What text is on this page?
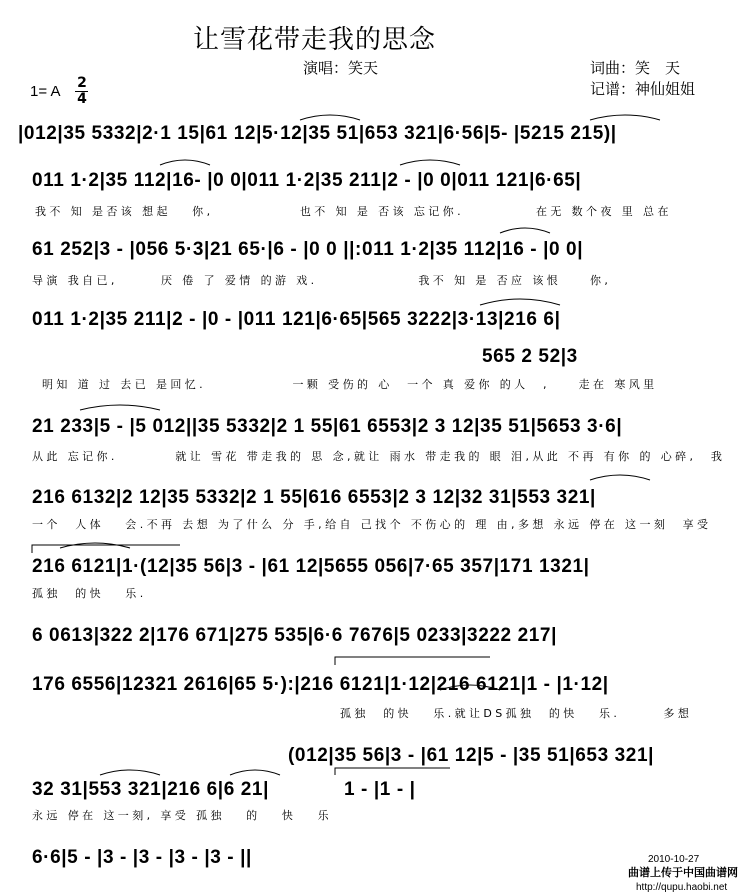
让雪花带走我的思念
演唱：笑天	词曲：笑　天
记谱：神仙姐姐
1= A 2
4
|012|35 5332|2·1 15|61 12|5·12|35 51|653 321|6·56|5- |5215 215)|
011 1·2|35 112|16- |0 0|011 1·2|35 211|2 - |0 0|011 121|6·65|
我不 知 是否该 想起　 你,　　　　　　也不 知 是 否该 忘记你.　　　　　在无 数个夜 里 总在
61 252|3 - |056 5·3|21 65·|6 - |0 0 ||:011 1·2|35 112|16 - |0 0|
导演 我自已,　　　厌 倦 了 爱情 的游 戏.　　　　　　　我不 知 是 否应 该恨　　你,
011 1·2|35 211|2 - |0 - |011 121|6·65|565 3222|3·13|216 6|
565 2 52|3
明知 道 过 去已 是回忆.　　　　　　一颗 受伤的 心　一个 真 爱你 的人　,　　走在 寒风里
21 233|5 - |5 012||35 5332|2 1 55|61 6553|2 3 12|35 51|5653 3·6|
从此 忘记你.　　　　就让 雪花 带走我的 思 念,就让 雨水 带走我的 眼 泪,从此 不再 有你 的 心碎,　我
216 6132|2 12|35 5332|2 1 55|616 6553|2 3 12|32 31|553 321|
一个　人体　 会.不再 去想 为了什么 分 手,给自 己找个 不伤心的 理 由,多想 永远 停在 这一刻　享受
216 6121|1·(12|35 56|3 - |61 12|5655 056|7·65 357|171 1321|
孤独　的快　 乐.
6 0613|322 2|176 671|275 535|6·6 7676|5 0233|3222 217|
176 6556|12321 2616|65 5·):|216 6121|1·12|216 6121|1 - |1·12|
孤独　的快　 乐.就让DS孤独　的快　 乐.　　　多想
(012|35 56|3 - |61 12|5 - |35 51|653 321|
1 - |1 - |
32 31|553 321|216 6|6 21|
永远 停在 这一刻, 享受 孤独　 的　 快　 乐
6·6|5 - |3 - |3 - |3 - |3 - ||	2010-10-27
曲谱上传于中国曲谱网
http://qupu.haobi.net
